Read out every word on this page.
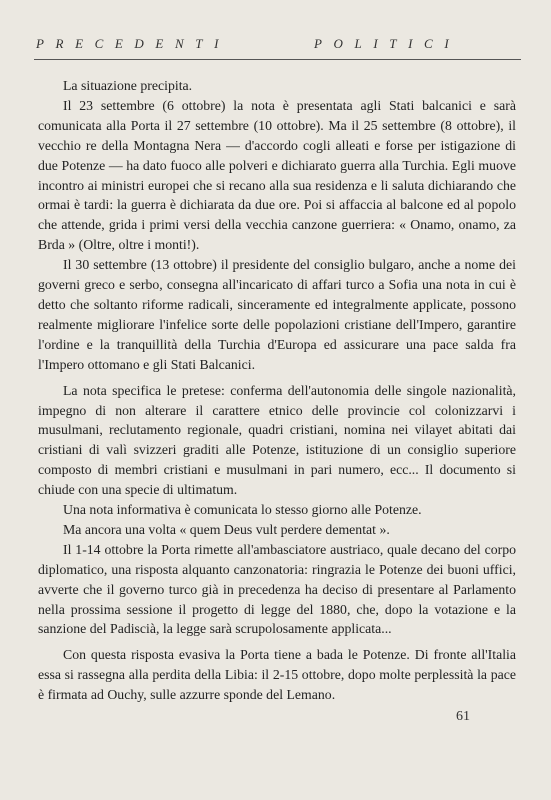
PRECEDENTI	POLITICI

La situazione precipita.

Il 23 settembre (6 ottobre) la nota è presentata agli Stati balcanici e sarà comunicata alla Porta il 27 settembre (10 ottobre). Ma il 25 settembre (8 ottobre), il vecchio re della Montagna Nera — d'accordo cogli alleati e forse per istigazione di due Potenze — ha dato fuoco alle polveri e dichiarato guerra alla Turchia. Egli muove incontro ai ministri europei che si recano alla sua residenza e li saluta dichiarando che ormai è tardi: la guerra è dichiarata da due ore. Poi si affaccia al balcone ed al popolo che attende, grida i primi versi della vecchia canzone guerriera: « Onamo, onamo, za Brda » (Oltre, oltre i monti!).

Il 30 settembre (13 ottobre) il presidente del consiglio bulgaro, anche a nome dei governi greco e serbo, consegna all'incaricato di affari turco a Sofia una nota in cui è detto che soltanto riforme radicali, sinceramente ed integralmente applicate, possono realmente migliorare l'infelice sorte delle popolazioni cristiane dell'Impero, garantire l'ordine e la tranquillità della Turchia d'Europa ed assicurare una pace salda fra l'Impero ottomano e gli Stati Balcanici.

La nota specifica le pretese: conferma dell'autonomia delle singole nazionalità, impegno di non alterare il carattere etnico delle provincie col colonizzarvi i musulmani, reclutamento regionale, quadri cristiani, nomina nei vilayet abitati dai cristiani di valì svizzeri graditi alle Potenze, istituzione di un consiglio superiore composto di membri cristiani e musulmani in pari numero, ecc... Il documento si chiude con una specie di ultimatum.

Una nota informativa è comunicata lo stesso giorno alle Potenze.

Ma ancora una volta « quem Deus vult perdere dementat ».

Il 1-14 ottobre la Porta rimette all'ambasciatore austriaco, quale decano del corpo diplomatico, una risposta alquanto canzonatoria: ringrazia le Potenze dei buoni uffici, avverte che il governo turco già in precedenza ha deciso di presentare al Parlamento nella prossima sessione il progetto di legge del 1880, che, dopo la votazione e la sanzione del Padiscià, la legge sarà scrupolosamente applicata...

Con questa risposta evasiva la Porta tiene a bada le Potenze. Di fronte all'Italia essa si rassegna alla perdita della Libia: il 2-15 ottobre, dopo molte perplessità la pace è firmata ad Ouchy, sulle azzurre sponde del Lemano.

61
